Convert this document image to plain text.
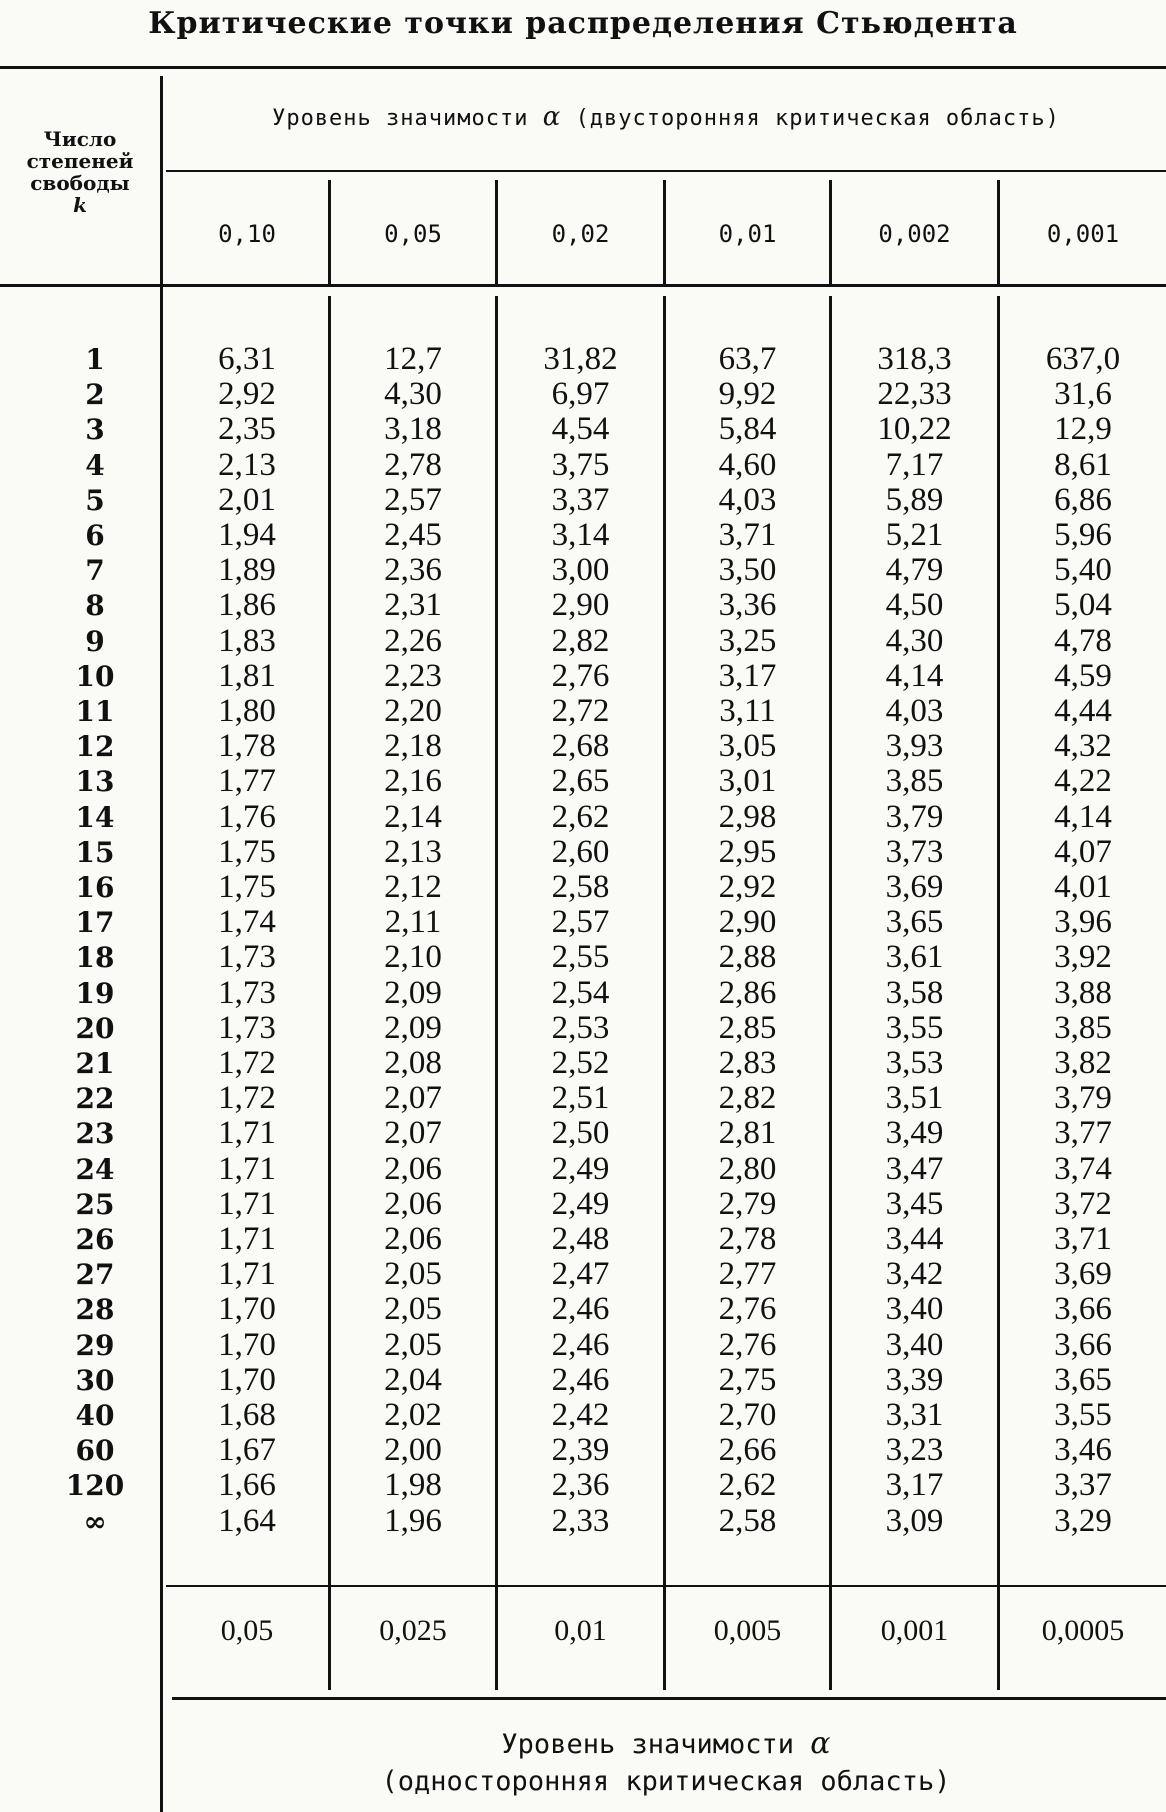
Критические точки распределения Стьюдента
Число
степеней
свободы
k
Уровень значимости α (двусторонняя критическая область)
0,10	0,05	0,02	0,01	0,002	0,001
1	6,31	12,7	31,82	63,7	318,3	637,0
2	2,92	4,30	6,97	9,92	22,33	31,6
3	2,35	3,18	4,54	5,84	10,22	12,9
4	2,13	2,78	3,75	4,60	7,17	8,61
5	2,01	2,57	3,37	4,03	5,89	6,86
6	1,94	2,45	3,14	3,71	5,21	5,96
7	1,89	2,36	3,00	3,50	4,79	5,40
8	1,86	2,31	2,90	3,36	4,50	5,04
9	1,83	2,26	2,82	3,25	4,30	4,78
10	1,81	2,23	2,76	3,17	4,14	4,59
11	1,80	2,20	2,72	3,11	4,03	4,44
12	1,78	2,18	2,68	3,05	3,93	4,32
13	1,77	2,16	2,65	3,01	3,85	4,22
14	1,76	2,14	2,62	2,98	3,79	4,14
15	1,75	2,13	2,60	2,95	3,73	4,07
16	1,75	2,12	2,58	2,92	3,69	4,01
17	1,74	2,11	2,57	2,90	3,65	3,96
18	1,73	2,10	2,55	2,88	3,61	3,92
19	1,73	2,09	2,54	2,86	3,58	3,88
20	1,73	2,09	2,53	2,85	3,55	3,85
21	1,72	2,08	2,52	2,83	3,53	3,82
22	1,72	2,07	2,51	2,82	3,51	3,79
23	1,71	2,07	2,50	2,81	3,49	3,77
24	1,71	2,06	2,49	2,80	3,47	3,74
25	1,71	2,06	2,49	2,79	3,45	3,72
26	1,71	2,06	2,48	2,78	3,44	3,71
27	1,71	2,05	2,47	2,77	3,42	3,69
28	1,70	2,05	2,46	2,76	3,40	3,66
29	1,70	2,05	2,46	2,76	3,40	3,66
30	1,70	2,04	2,46	2,75	3,39	3,65
40	1,68	2,02	2,42	2,70	3,31	3,55
60	1,67	2,00	2,39	2,66	3,23	3,46
120	1,66	1,98	2,36	2,62	3,17	3,37
∞	1,64	1,96	2,33	2,58	3,09	3,29
0,05	0,025	0,01	0,005	0,001	0,0005
Уровень значимости α
(односторонняя критическая область)
